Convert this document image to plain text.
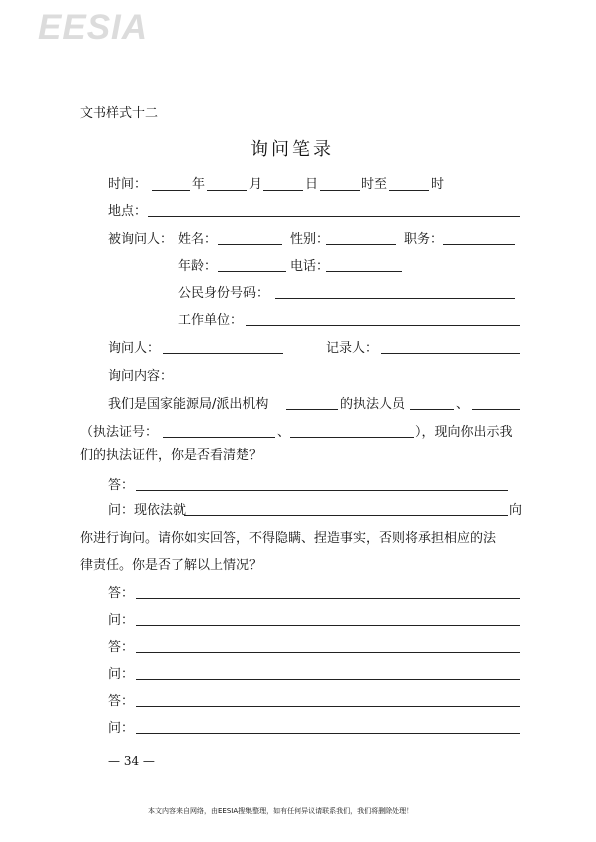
EESIA
文书样式十二
询问笔录
时间：	年	月	日	时至	时
地点：
被询问人： 姓名：	性别：	职务：
年龄：	电话：
公民身份号码：
工作单位：
询问人：	记录人：
询问内容：
我们是国家能源局/派出机构	的执法人员	、
（执法证号：	、	），现向你出示我
们的执法证件，你是否看清楚？
答：
问：现依法就	向
你进行询问。请你如实回答，不得隐瞒、捏造事实，否则将承担相应的法
律责任。你是否了解以上情况？
答：
问：
答：
问：
答：
问：
— 34 —
本文内容来自网络，由EESIA搜集整理，如有任何异议请联系我们，我们将删除处理！
